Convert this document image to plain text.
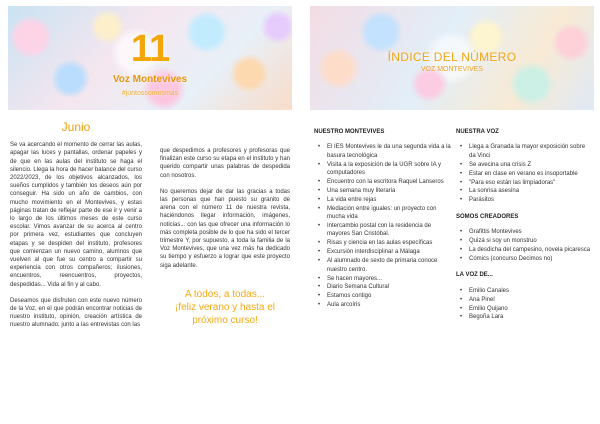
11
Voz Montevives
#juntossomosmás
Junio

Se va acercando el momento de cerrar las aulas, apagar las luces y pantallas, ordenar papeles y de que en las aulas del instituto se haga el silencio. Llega la hora de hacer balance del curso 2022/2023, de los objetivos alcanzados, los sueños cumplidos y también los deseos aún por conseguir. Ha sido un año de cambios, con mucho movimiento en el Montevives, y estas páginas tratan de reflejar parte de ese ir y venir a lo largo de los últimos meses de este curso escolar. Vimos avanzar de su acerca al centro por primera vez, estudiantes que concluyen etapas y se despiden del instituto, profesores que comienzan un nuevo camino, alumnos que vuelven al que fue su centro a compartir su experiencia con otros compañeros; ilusiones, encuentros, reencuentros, proyectos, despedidas... Vida al fin y al cabo.

Deseamos que disfruten con este nuevo número de la Voz, en el que podrán encontrar noticias de nuestro instituto, opinión, creación artística de nuestro alumnado; junto a las entrevistas con las

que despedimos a profesores y profesoras que finalizan este curso su etapa en el instituto y han querido compartir unas palabras de despedida con nosotros.

No queremos dejar de dar las gracias a todas las personas que han puesto su granito de arena con el número 11 de nuestra revista, haciéndonos llegar información, imágenes, noticias... con las que ofrecer una información lo más completa posible de lo que ha sido el tercer trimestre Y, por supuesto, a toda la familia de la Voz Montevives, que una vez más ha dedicado su tiempo y esfuerzo a lograr que este proyecto siga adelante.

A todos, a todas...
¡feliz verano y hasta el próximo curso!
ÍNDICE DEL NÚMERO
VOZ MONTEVIVES
NUESTRO MONTEVIVES
• El IES Montevives le da una segunda vida a la basura tecnológica
• Visita a la exposición de la UGR sobre IA y computadores
• Encuentro con la escritora Raquel Lanseros
• Una semana muy literaria
• La vida entre rejas
• Mediación entre iguales: un proyecto con mucha vida
• Intercambio postal con la residencia de mayores San Cristóbal.
• Risas y ciencia en las aulas específicas
• Excursión interdisciplinar a Málaga
• Al alumnado de sexto de primaria conoce nuestro centro.
• Se hacen mayores...
• Diario Semana Cultural
• Estamos contigo
• Aula arcoíris
NUESTRA VOZ
• Llega a Granada la mayor exposición sobre da Vinci
• Se avecina una crisis Z
• Estar en clase en verano es insoportable
• "Para eso están las limpiadoras"
• La sonrisa asesina
• Parásitos
SOMOS CREADORES
• Grafittis Montevives
• Quizá si soy un monstruo
• La desdicha del campesino, novela picaresca
• Cómics (concurso Decimos no)
LA VOZ DE...
• Emilio Canales
• Ana Pinel
• Emilio Quijano
• Begoña Lara
